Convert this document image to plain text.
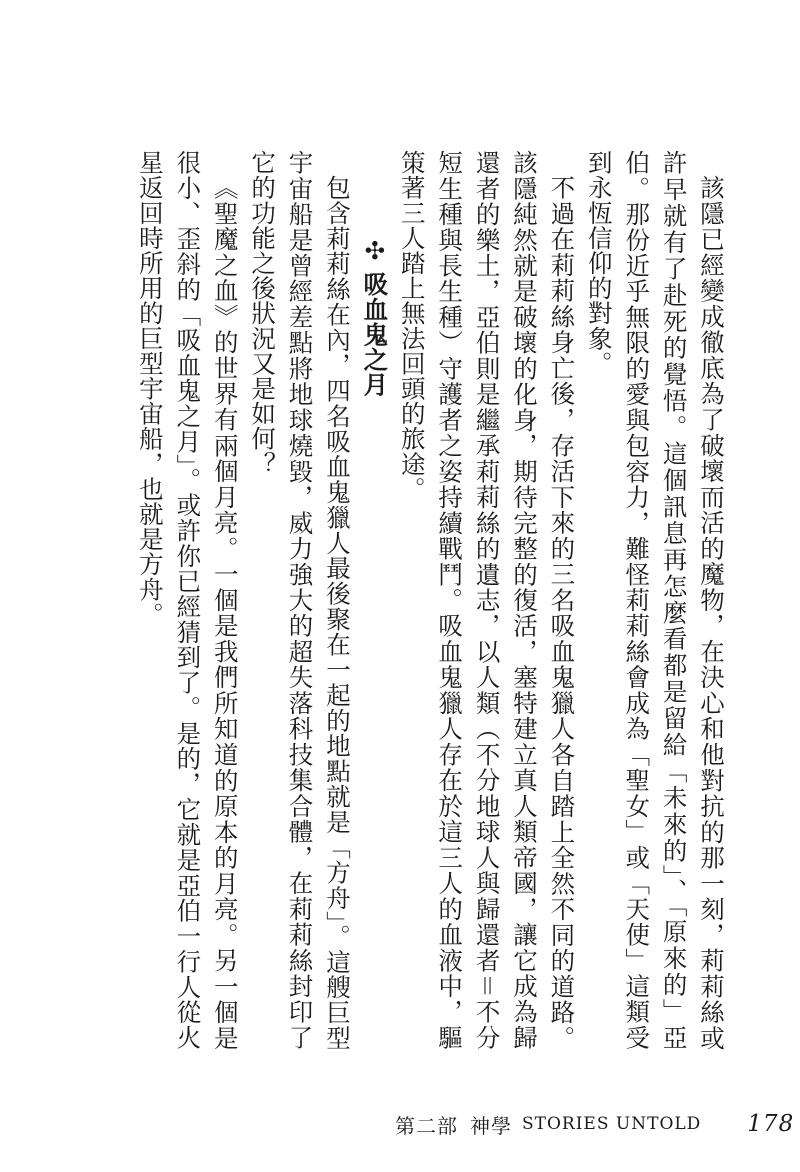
該隱已經變成徹底為了破壞而活的魔物，在決心和他對抗的那一刻，莉莉絲或許早就有了赴死的覺悟。這個訊息再怎麼看都是留給「未來的」、「原來的」亞伯。那份近乎無限的愛與包容力，難怪莉莉絲會成為「聖女」或「天使」這類受到永恆信仰的對象。

不過在莉莉絲身亡後，存活下來的三名吸血鬼獵人各自踏上全然不同的道路。該隱純然就是破壞的化身，期待完整的復活，塞特建立真人類帝國，讓它成為歸還者的樂土，亞伯則是繼承莉莉絲的遺志，以人類（不分地球人與歸還者＝不分短生種與長生種）守護者之姿持續戰鬥。吸血鬼獵人存在於這三人的血液中，驅策著三人踏上無法回頭的旅途。

✣吸血鬼之月

包含莉莉絲在內，四名吸血鬼獵人最後聚在一起的地點就是「方舟」。這艘巨型宇宙船是曾經差點將地球燒毀，威力強大的超失落科技集合體，在莉莉絲封印了它的功能之後狀況又是如何？

《聖魔之血》的世界有兩個月亮。一個是我們所知道的原本的月亮。另一個是很小、歪斜的「吸血鬼之月」。或許你已經猜到了。是的，它就是亞伯一行人從火星返回時所用的巨型宇宙船，也就是方舟。

第二部 神學 STORIES UNTOLD 178
